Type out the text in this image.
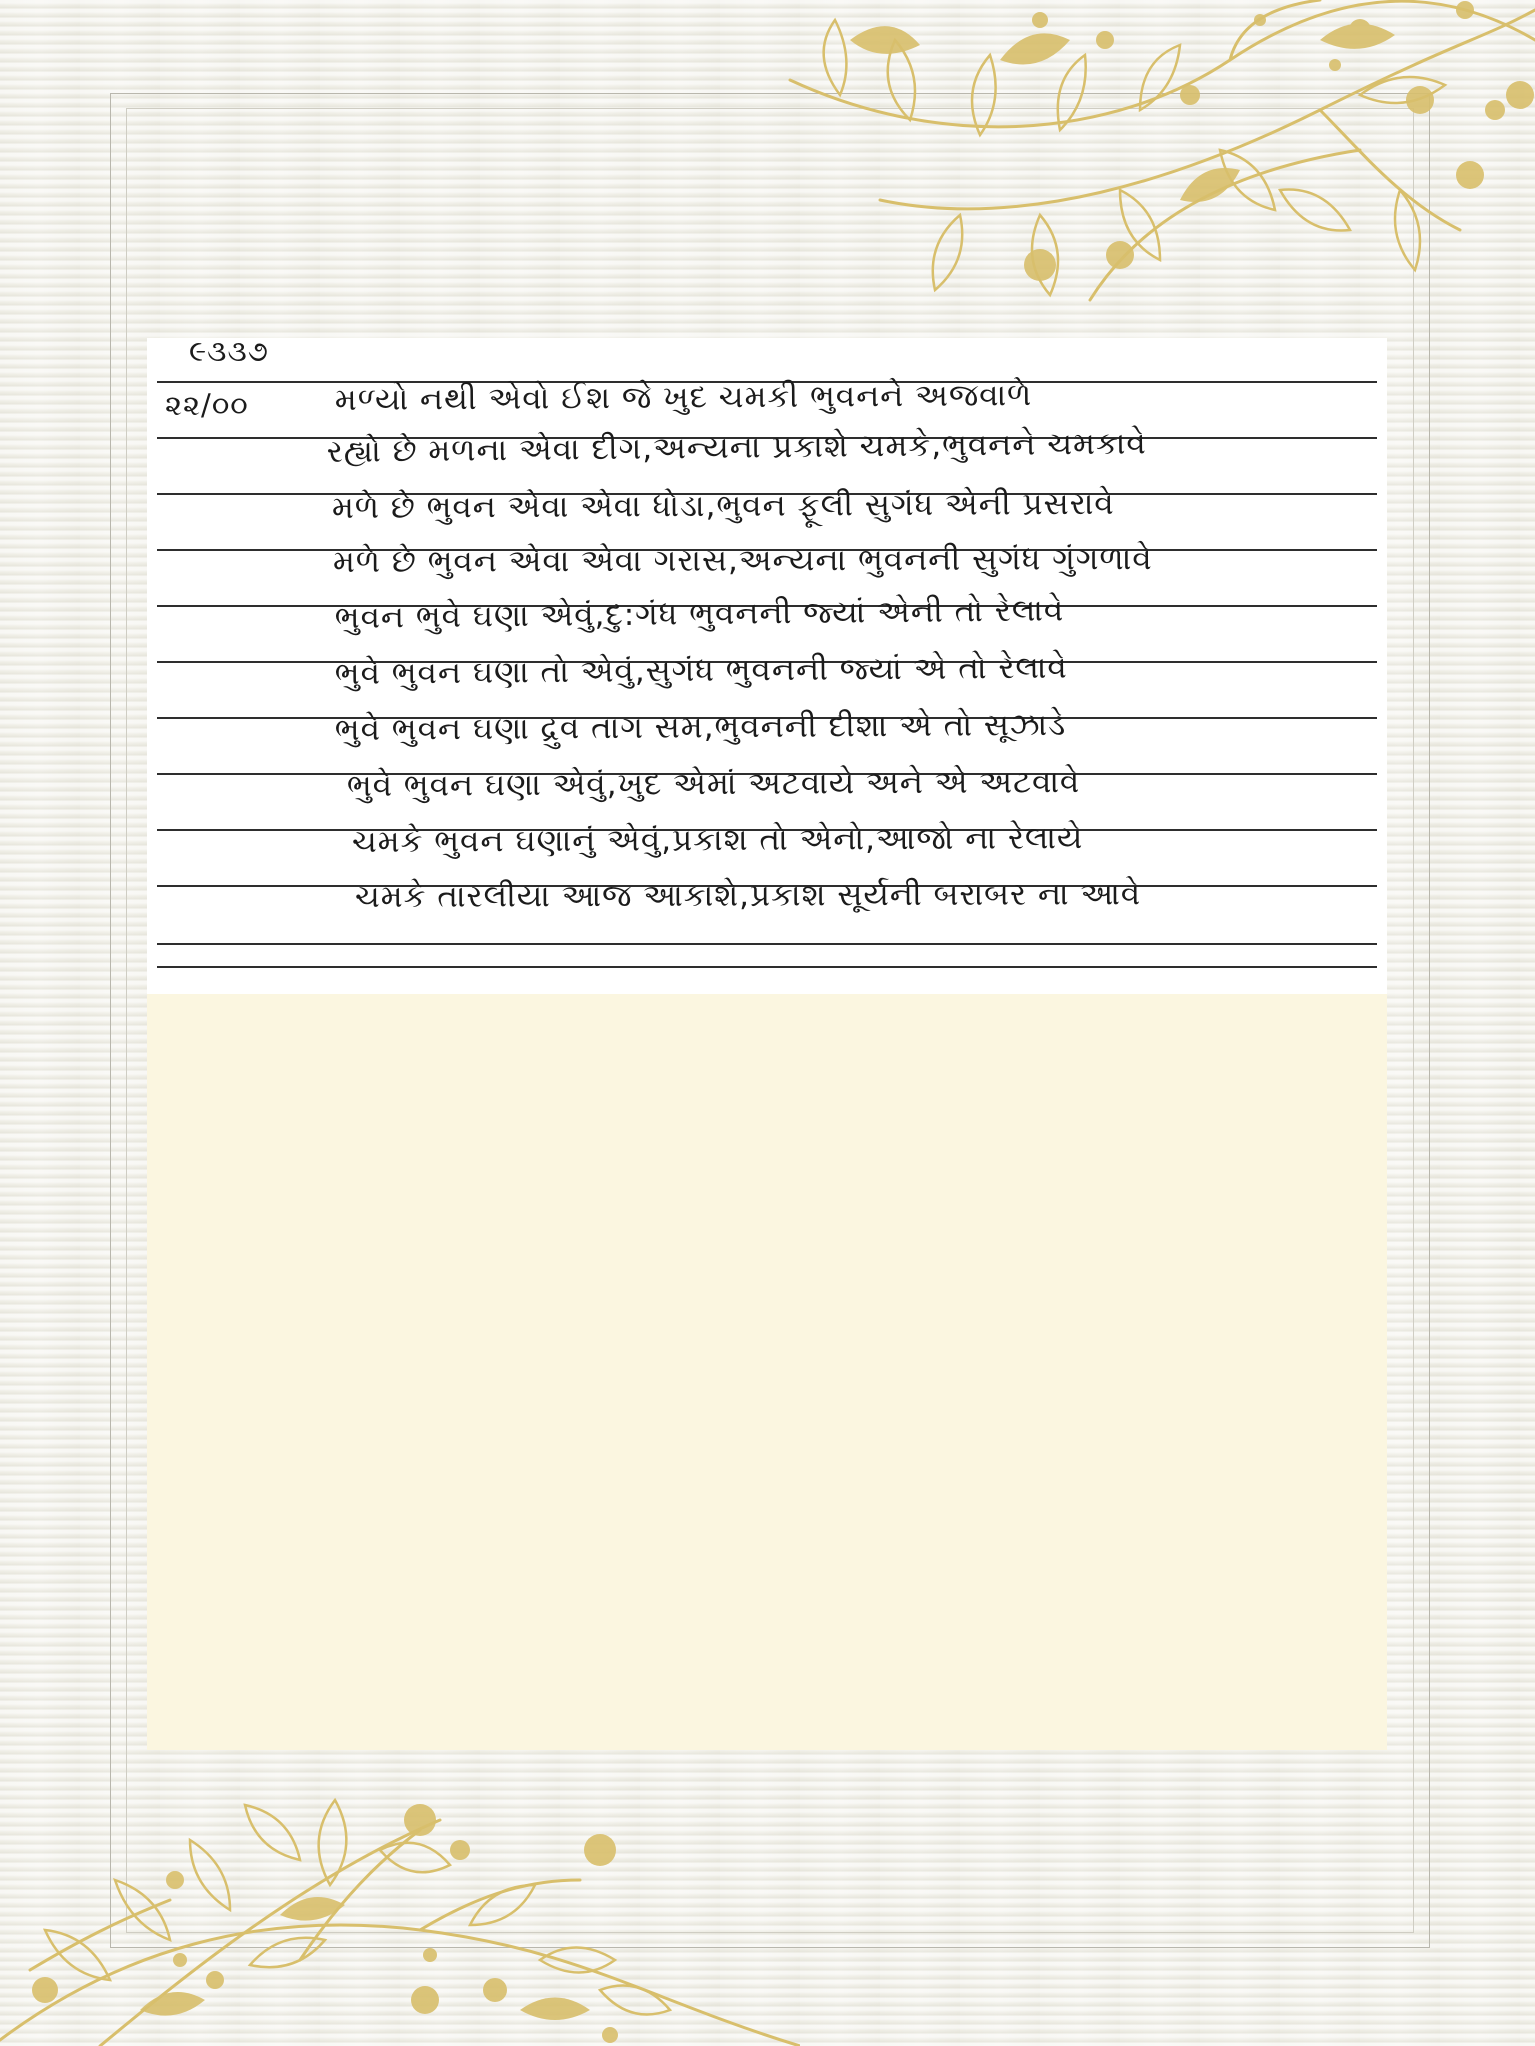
૯૩૩૭
૨૨/૦૦	મળ્યો નથી એવો ઈશ જે ખુદ ચમકી ભુવનને અજવાળે
રહ્યો છે મળના એવા દીગ,અન્યના પ્રકાશે ચમકે,ભુવનને ચમકાવે
મળે છે ભુવન એવા એવા ધોડા,ભુવન ફૂલી સુગંધ એની પ્રસરાવે
મળે છે ભુવન એવા એવા ગરાસ,અન્યના ભુવનની સુગંધ ગુંગળાવે
ભુવન ભુવે ઘણા એવું,દુ:ગંધ ભુવનની જ્યાં એની તો રેલાવે
ભુવે ભુવન ઘણા તો એવું,સુગંધ ભુવનની જ્યાં એ તો રેલાવે
ભુવે ભુવન ઘણા દ્રુવ તાગ સમ,ભુવનની દીશા એ તો સૂઝાડે
ભુવે ભુવન ઘણા એવું,ખુદ એમાં અટવાયે અને એ અટવાવે
ચમકે ભુવન ઘણાનું એવું,પ્રકાશ તો એનો,આજો ના રેલાયે
ચમકે તારલીયા આજ આકાશે,પ્રકાશ સૂર્યની બરાબર ના આવે
